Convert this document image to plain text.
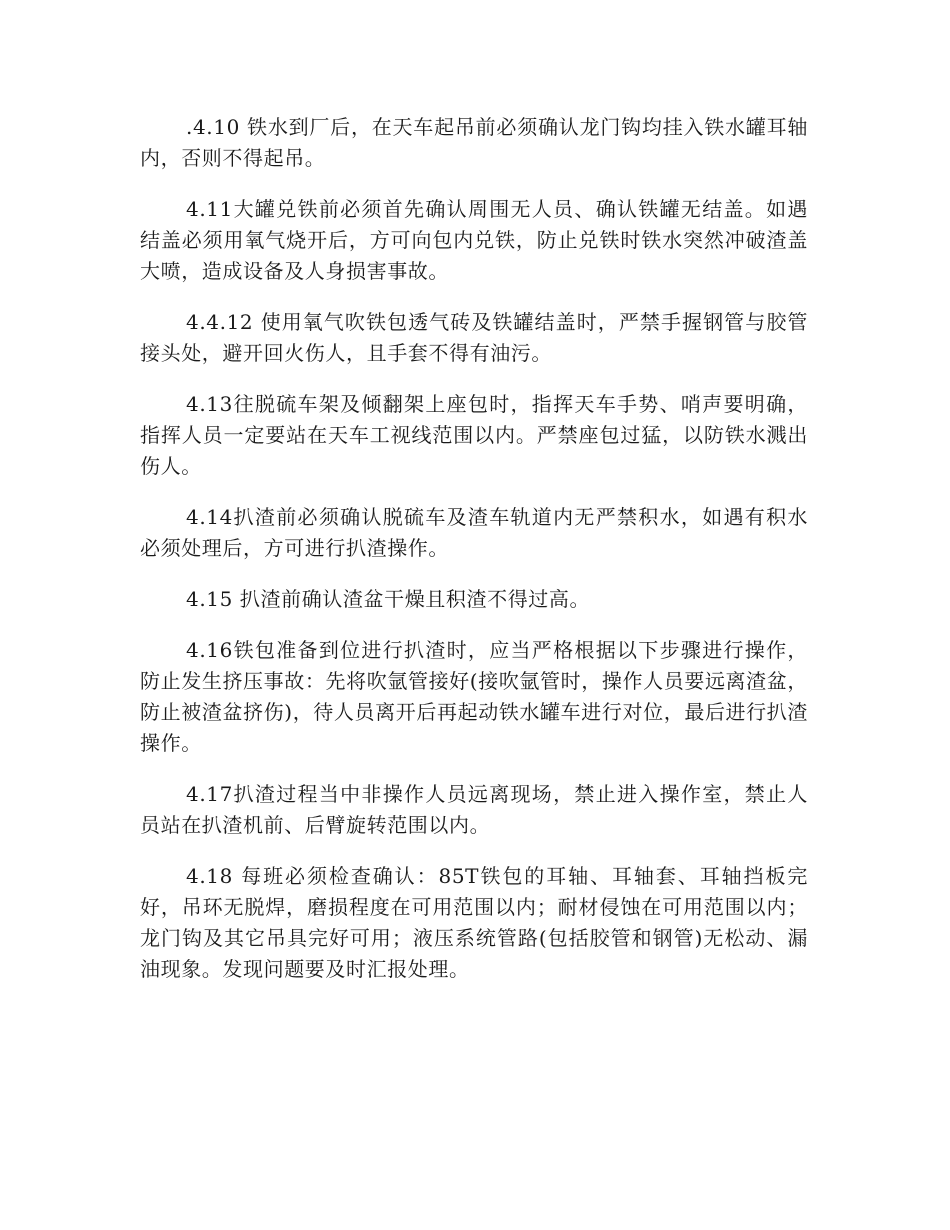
.4.10 铁水到厂后，在天车起吊前必须确认龙门钩均挂入铁水罐耳轴内，否则不得起吊。

4.11大罐兑铁前必须首先确认周围无人员、确认铁罐无结盖。如遇结盖必须用氧气烧开后，方可向包内兑铁，防止兑铁时铁水突然冲破渣盖大喷，造成设备及人身损害事故。

4.4.12 使用氧气吹铁包透气砖及铁罐结盖时，严禁手握钢管与胶管接头处，避开回火伤人，且手套不得有油污。

4.13往脱硫车架及倾翻架上座包时，指挥天车手势、哨声要明确，指挥人员一定要站在天车工视线范围以内。严禁座包过猛，以防铁水溅出伤人。

4.14扒渣前必须确认脱硫车及渣车轨道内无严禁积水，如遇有积水必须处理后，方可进行扒渣操作。

4.15 扒渣前确认渣盆干燥且积渣不得过高。

4.16铁包准备到位进行扒渣时，应当严格根据以下步骤进行操作，防止发生挤压事故：先将吹氩管接好(接吹氩管时，操作人员要远离渣盆，防止被渣盆挤伤)，待人员离开后再起动铁水罐车进行对位，最后进行扒渣操作。

4.17扒渣过程当中非操作人员远离现场，禁止进入操作室，禁止人员站在扒渣机前、后臂旋转范围以内。

4.18 每班必须检查确认：85T铁包的耳轴、耳轴套、耳轴挡板完好，吊环无脱焊，磨损程度在可用范围以内；耐材侵蚀在可用范围以内；龙门钩及其它吊具完好可用；液压系统管路(包括胶管和钢管)无松动、漏油现象。发现问题要及时汇报处理。
